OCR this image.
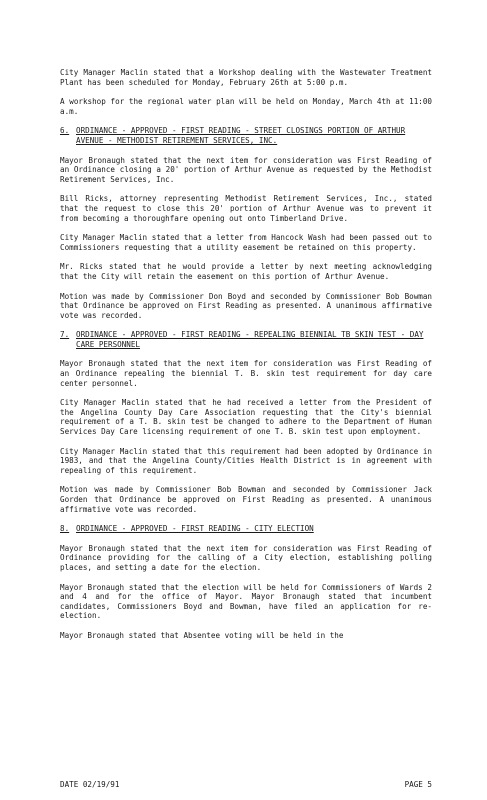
City Manager Maclin stated that a Workshop dealing with the Wastewater Treatment Plant has been scheduled for Monday, February 26th at 5:00 p.m.

A workshop for the regional water plan will be held on Monday, March 4th at 11:00 a.m.

6. ORDINANCE - APPROVED - FIRST READING - STREET CLOSINGS PORTION OF ARTHUR AVENUE - METHODIST RETIREMENT SERVICES, INC.

Mayor Bronaugh stated that the next item for consideration was First Reading of an Ordinance closing a 20' portion of Arthur Avenue as requested by the Methodist Retirement Services, Inc.

Bill Ricks, attorney representing Methodist Retirement Services, Inc., stated that the request to close this 20' portion of Arthur Avenue was to prevent it from becoming a thoroughfare opening out onto Timberland Drive.

City Manager Maclin stated that a letter from Hancock Wash had been passed out to Commissioners requesting that a utility easement be retained on this property.

Mr. Ricks stated that he would provide a letter by next meeting acknowledging that the City will retain the easement on this portion of Arthur Avenue.

Motion was made by Commissioner Don Boyd and seconded by Commissioner Bob Bowman that Ordinance be approved on First Reading as presented. A unanimous affirmative vote was recorded.

7. ORDINANCE - APPROVED - FIRST READING - REPEALING BIENNIAL TB SKIN TEST - DAY CARE PERSONNEL

Mayor Bronaugh stated that the next item for consideration was First Reading of an Ordinance repealing the biennial T. B. skin test requirement for day care center personnel.

City Manager Maclin stated that he had received a letter from the President of the Angelina County Day Care Association requesting that the City's biennial requirement of a T. B. skin test be changed to adhere to the Department of Human Services Day Care licensing requirement of one T. B. skin test upon employment.

City Manager Maclin stated that this requirement had been adopted by Ordinance in 1983, and that the Angelina County/Cities Health District is in agreement with repealing of this requirement.

Motion was made by Commissioner Bob Bowman and seconded by Commissioner Jack Gorden that Ordinance be approved on First Reading as presented. A unanimous affirmative vote was recorded.

8. ORDINANCE - APPROVED - FIRST READING - CITY ELECTION

Mayor Bronaugh stated that the next item for consideration was First Reading of Ordinance providing for the calling of a City election, establishing polling places, and setting a date for the election.

Mayor Bronaugh stated that the election will be held for Commissioners of Wards 2 and 4 and for the office of Mayor. Mayor Bronaugh stated that incumbent candidates, Commissioners Boyd and Bowman, have filed an application for re-election.

Mayor Bronaugh stated that Absentee voting will be held in the

DATE 02/19/91	PAGE 5
